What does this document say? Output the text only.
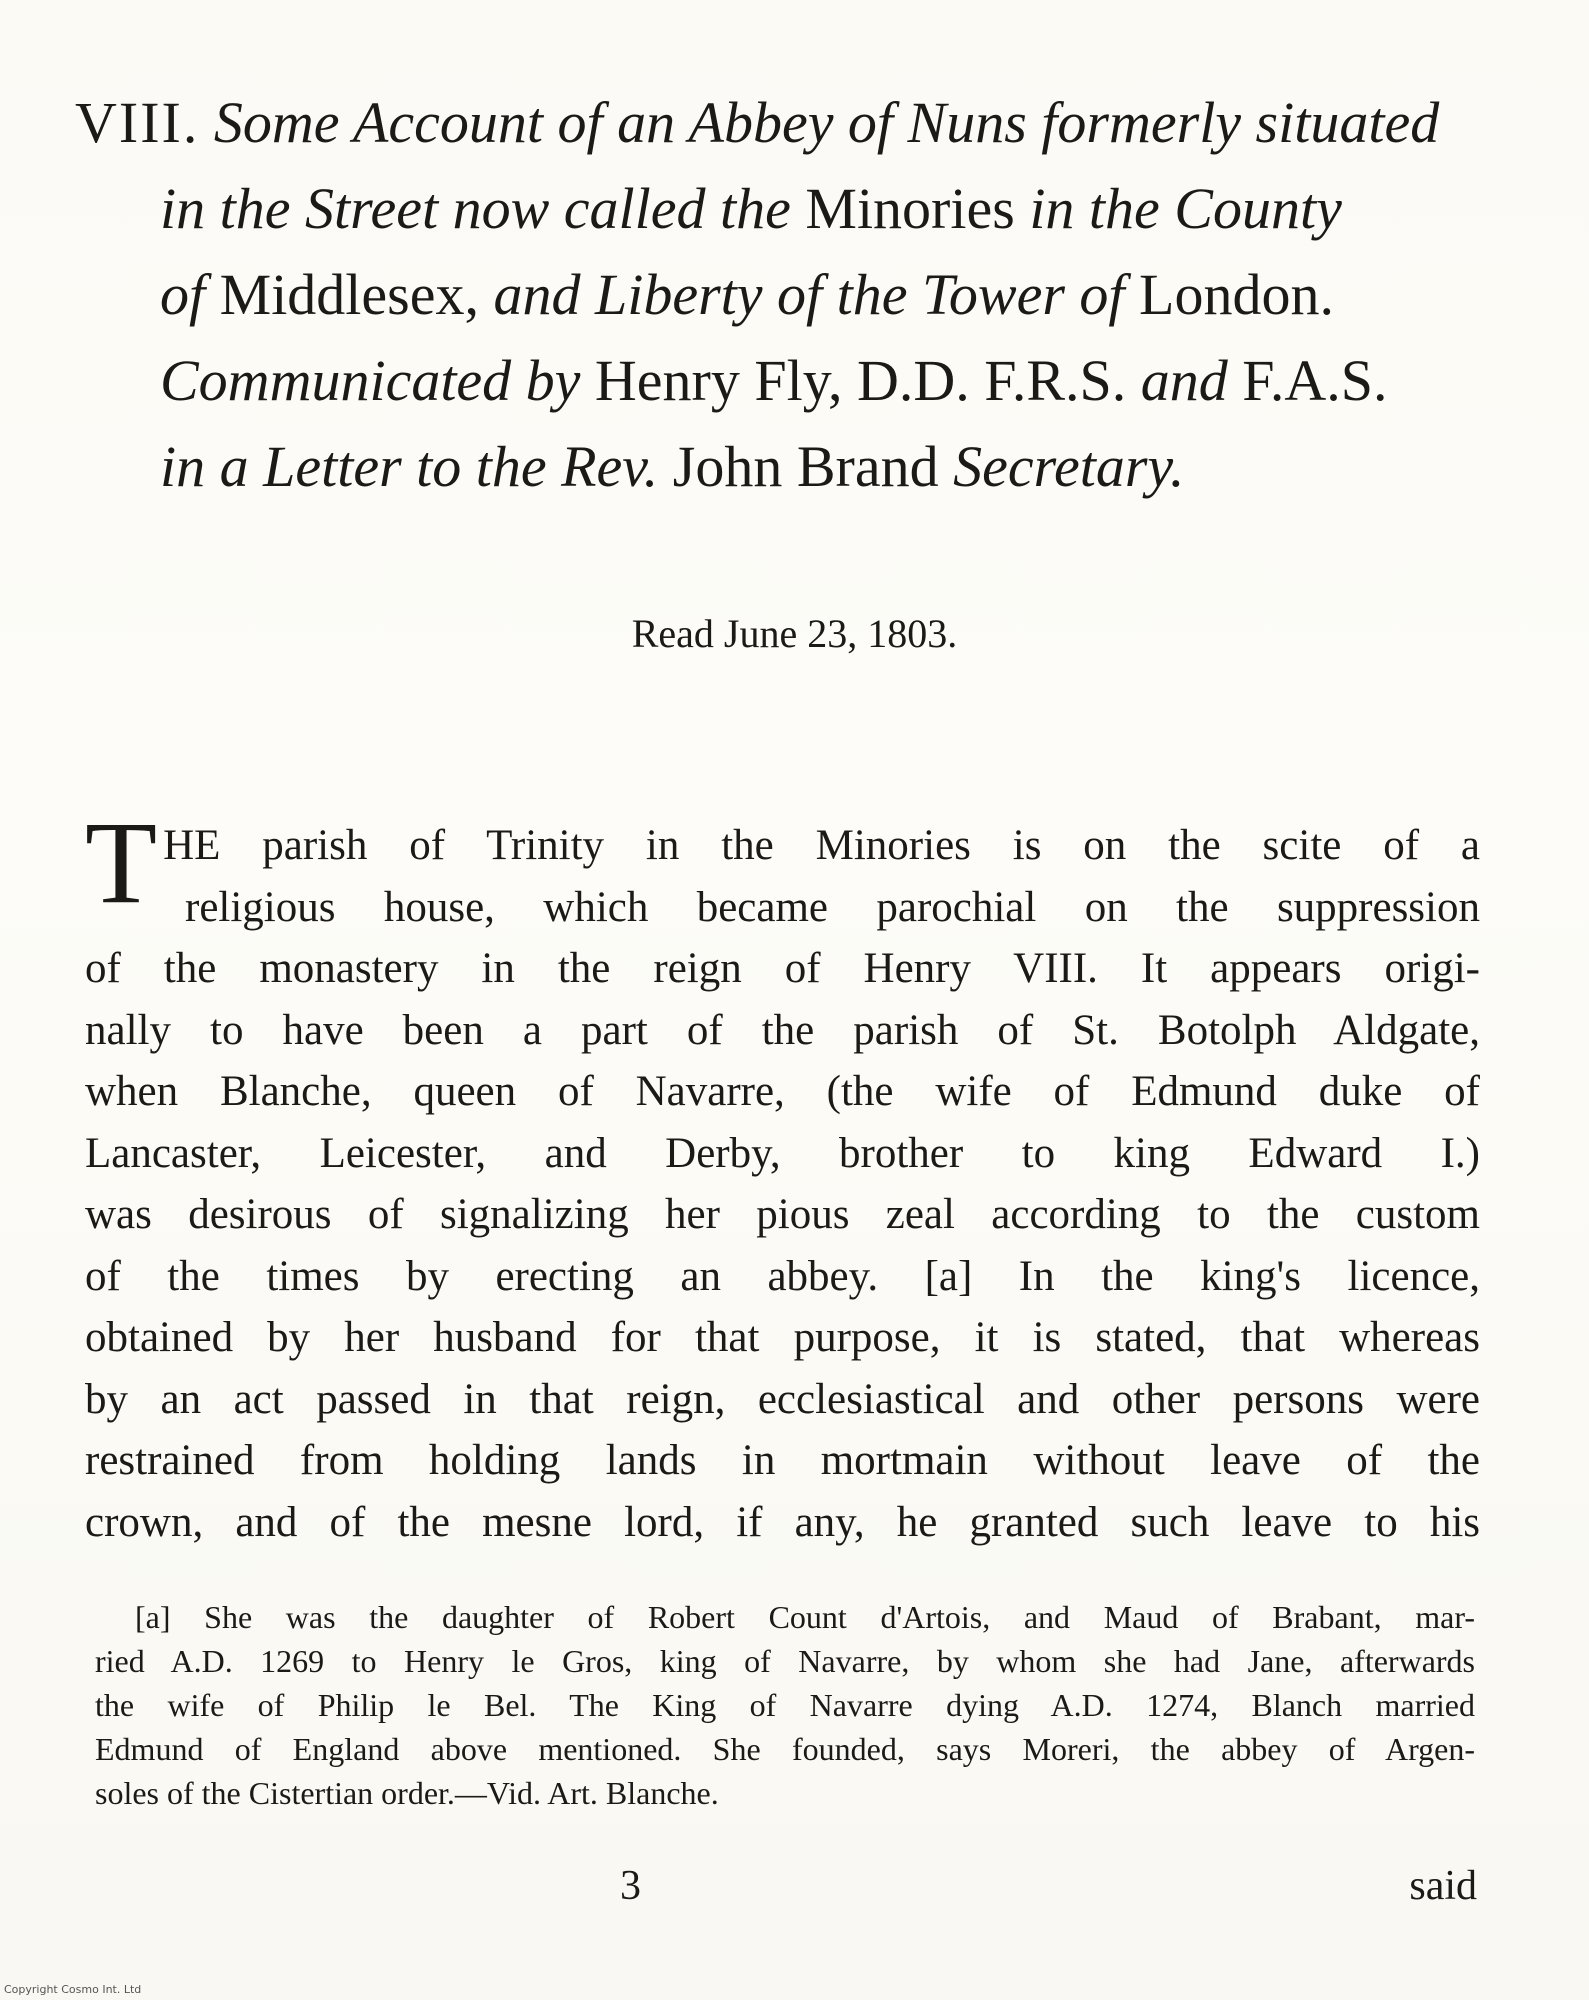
VIII. Some Account of an Abbey of Nuns formerly situated
in the Street now called the Minories in the County
of Middlesex, and Liberty of the Tower of London.
Communicated by Henry Fly, D.D. F.R.S. and F.A.S.
in a Letter to the Rev. John Brand Secretary.
Read June 23, 1803.
T HE parish of Trinity in the Minories is on the scite of a
religious house, which became parochial on the suppression
of the monastery in the reign of Henry VIII. It appears origi-
nally to have been a part of the parish of St. Botolph Aldgate,
when Blanche, queen of Navarre, (the wife of Edmund duke of
Lancaster, Leicester, and Derby, brother to king Edward I.)
was desirous of signalizing her pious zeal according to the custom
of the times by erecting an abbey. [a] In the king's licence,
obtained by her husband for that purpose, it is stated, that whereas
by an act passed in that reign, ecclesiastical and other persons were
restrained from holding lands in mortmain without leave of the
crown, and of the mesne lord, if any, he granted such leave to his
[a] She was the daughter of Robert Count d'Artois, and Maud of Brabant, mar-
ried A.D. 1269 to Henry le Gros, king of Navarre, by whom she had Jane, afterwards
the wife of Philip le Bel. The King of Navarre dying A.D. 1274, Blanch married
Edmund of England above mentioned. She founded, says Moreri, the abbey of Argen-
soles of the Cistertian order.—Vid. Art. Blanche.
3	said
Copyright Cosmo Int. Ltd
